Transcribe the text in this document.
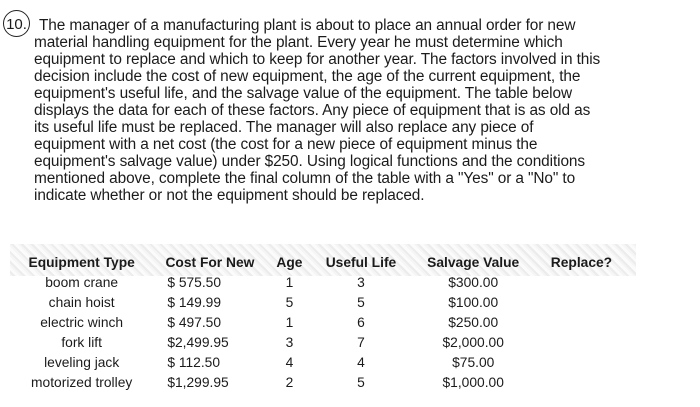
10. The manager of a manufacturing plant is about to place an annual order for new
material handling equipment for the plant. Every year he must determine which
equipment to replace and which to keep for another year. The factors involved in this
decision include the cost of new equipment, the age of the current equipment, the
equipment's useful life, and the salvage value of the equipment. The table below
displays the data for each of these factors. Any piece of equipment that is as old as
its useful life must be replaced. The manager will also replace any piece of
equipment with a net cost (the cost for a new piece of equipment minus the
equipment's salvage value) under $250. Using logical functions and the conditions
mentioned above, complete the final column of the table with a "Yes" or a "No" to
indicate whether or not the equipment should be replaced.
Equipment Type	Cost For New	Age	Useful Life	Salvage Value	Replace?
boom crane	$ 575.50	1	3	$300.00	
chain hoist	$ 149.99	5	5	$100.00	
electric winch	$ 497.50	1	6	$250.00	
fork lift	$2,499.95	3	7	$2,000.00	
leveling jack	$ 112.50	4	4	$75.00	
motorized trolley	$1,299.95	2	5	$1,000.00	
